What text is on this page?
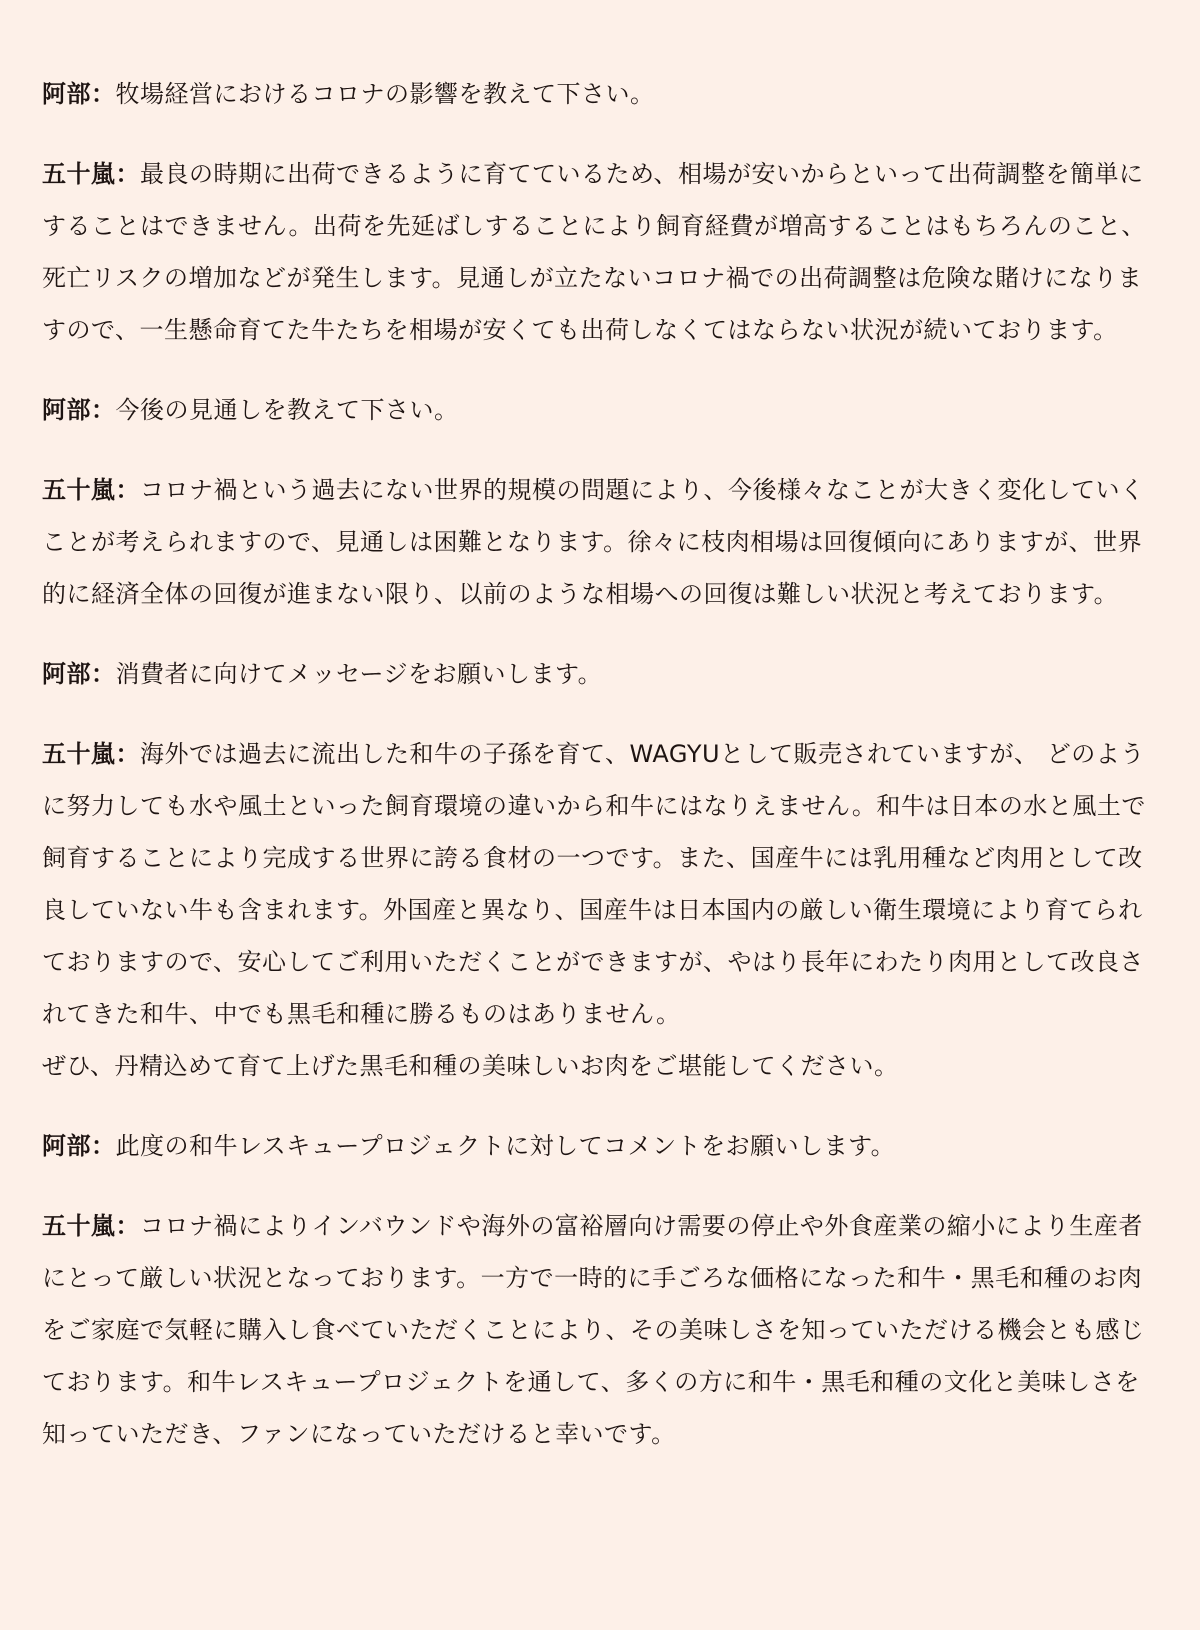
阿部：牧場経営におけるコロナの影響を教えて下さい。

五十嵐：最良の時期に出荷できるように育てているため、相場が安いからといって出荷調整を簡単にすることはできません。出荷を先延ばしすることにより飼育経費が増高することはもちろんのこと、死亡リスクの増加などが発生します。見通しが立たないコロナ禍での出荷調整は危険な賭けになりますので、一生懸命育てた牛たちを相場が安くても出荷しなくてはならない状況が続いております。

阿部：今後の見通しを教えて下さい。

五十嵐：コロナ禍という過去にない世界的規模の問題により、今後様々なことが大きく変化していくことが考えられますので、見通しは困難となります。徐々に枝肉相場は回復傾向にありますが、世界的に経済全体の回復が進まない限り、以前のような相場への回復は難しい状況と考えております。

阿部：消費者に向けてメッセージをお願いします。

五十嵐：海外では過去に流出した和牛の子孫を育て、WAGYUとして販売されていますが、 どのように努力しても水や風土といった飼育環境の違いから和牛にはなりえません。和牛は日本の水と風土で飼育することにより完成する世界に誇る食材の一つです。また、国産牛には乳用種など肉用として改良していない牛も含まれます。外国産と異なり、国産牛は日本国内の厳しい衛生環境により育てられておりますので、安心してご利用いただくことができますが、やはり長年にわたり肉用として改良されてきた和牛、中でも黒毛和種に勝るものはありません。
ぜひ、丹精込めて育て上げた黒毛和種の美味しいお肉をご堪能してください。

阿部：此度の和牛レスキュープロジェクトに対してコメントをお願いします。

五十嵐：コロナ禍によりインバウンドや海外の富裕層向け需要の停止や外食産業の縮小により生産者にとって厳しい状況となっております。一方で一時的に手ごろな価格になった和牛・黒毛和種のお肉をご家庭で気軽に購入し食べていただくことにより、その美味しさを知っていただける機会とも感じております。和牛レスキュープロジェクトを通して、多くの方に和牛・黒毛和種の文化と美味しさを知っていただき、ファンになっていただけると幸いです。
